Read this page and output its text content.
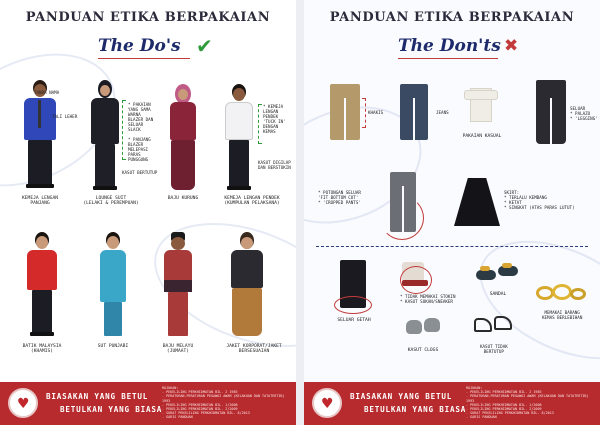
PANDUAN ETIKA BERPAKAIAN
The Do's ✔
TANDA NAMA
TALI LEHER
KEMEJA LENGAN
PANJANG
* PAKAIAN
YANG SAMA
WARNA
BLAZER DAN
SELUAR
SLACK

* PANJANG
BLAZER
MELEPASI
PARAS
PUNGGUNG
KASUT BERTUTUP
LOUNGE SUIT
(LELAKI & PEREMPUAN)
BAJU KURUNG
* KEMEJA
LENGAN
PENDEK
'TUCK IN'
DENGAN
KEMAS
KASUT DIGILAP
DAN BERSTOKIN
KEMEJA LENGAN PENDEK
(KUMPULAN PELAKSANA)
BATIK MALAYSIA
(KHAMIS)
SUT PUNJABI	BAJU MELAYU
(JUMAAT)
JAKET KORPORAT/JAKET
BERSESUAIAN
♥ BIASAKAN YANG BETUL
BETULKAN YANG BIASA
RUJUKAN:
- PEKELILING PERKHIDMATAN BIL. 2 1985
- PERATURAN-PERATURAN PEGAWAI AWAM (KELAKUAN DAN TATATERTIB) 1993
- PEKELILING PERKHIDMATAN BIL. 1/2008
- PEKELILING PERKHIDMATAN BIL. 2/2009
- SURAT PEKELILING PERKHIDMATAN BIL. 8/2013
- GARIS PANDUAN
PANDUAN ETIKA BERPAKAIAN
The Don'ts ✖
KHAKIS	JEANS
PAKAIAN KASUAL
SELUAR
* PALAZO
* 'LEGGING'
* POTONGAN SELUAR
'FIT BOTTOM CUT'
* 'CROPPED PANTS'
SKIRT:
* TERLALU KEMBANG
* KETAT
* SINGKAT (ATAS PARAS LUTUT)
SELUAR GETAH
* TIDAK MEMAKAI STOKIN
* KASUT SUKAN/SNEAKER
SANDAL
MEMAKAI BARANG
KEMAS BERLEBIHAN
KASUT CLOGS
KASUT TIDAK
BERTUTUP
♥ BIASAKAN YANG BETUL
BETULKAN YANG BIASA
RUJUKAN:
- PEKELILING PERKHIDMATAN BIL. 2 1985
- PERATURAN-PERATURAN PEGAWAI AWAM (KELAKUAN DAN TATATERTIB) 1993
- PEKELILING PERKHIDMATAN BIL. 1/2008
- PEKELILING PERKHIDMATAN BIL. 2/2009
- SURAT PEKELILING PERKHIDMATAN BIL. 8/2013
- GARIS PANDUAN
